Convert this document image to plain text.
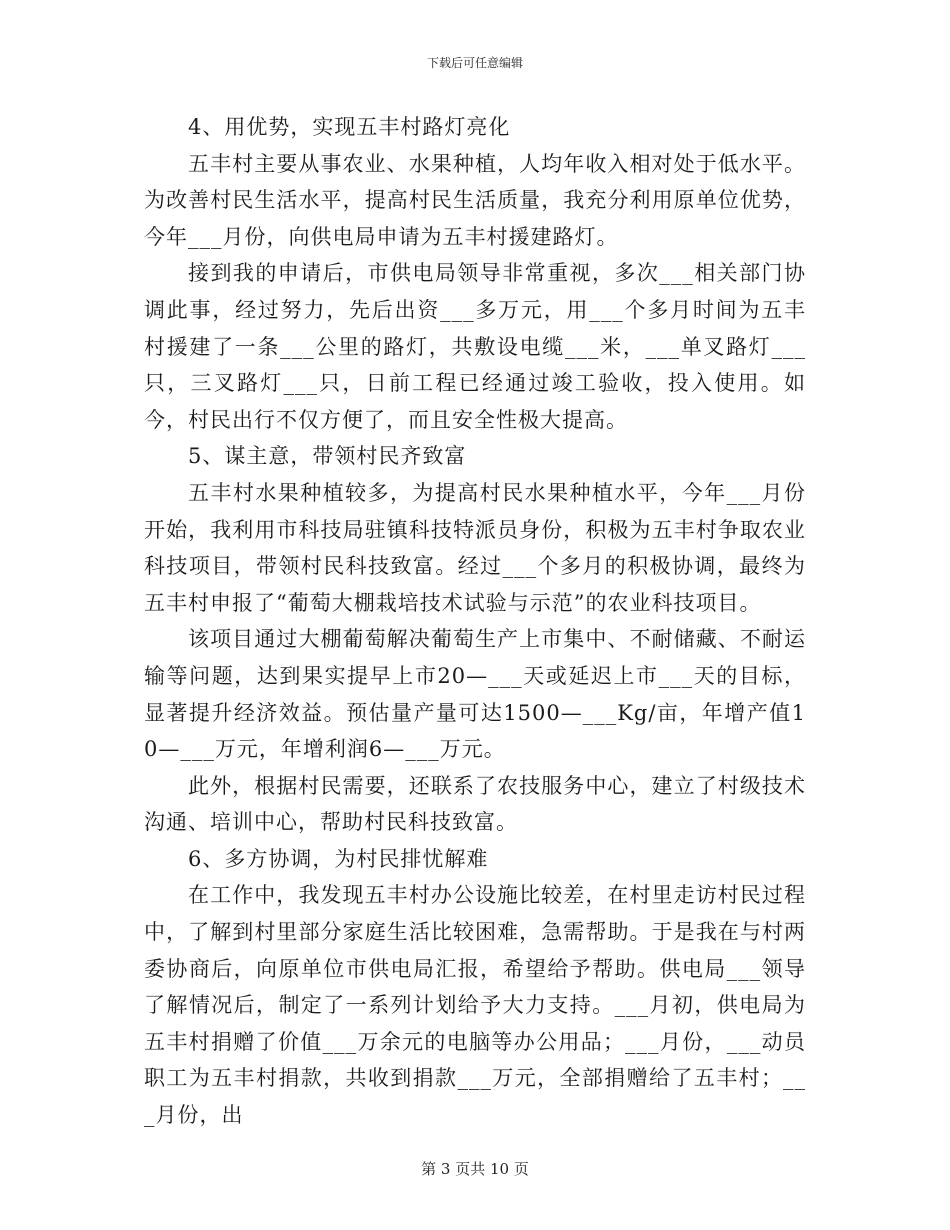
下载后可任意编辑

4、用优势，实现五丰村路灯亮化

五丰村主要从事农业、水果种植，人均年收入相对处于低水平。为改善村民生活水平，提高村民生活质量，我充分利用原单位优势，今年___月份，向供电局申请为五丰村援建路灯。

接到我的申请后，市供电局领导非常重视，多次___相关部门协调此事，经过努力，先后出资___多万元，用___个多月时间为五丰村援建了一条___公里的路灯，共敷设电缆___米，___单叉路灯___只，三叉路灯___只，日前工程已经通过竣工验收，投入使用。如今，村民出行不仅方便了，而且安全性极大提高。

5、谋主意，带领村民齐致富

五丰村水果种植较多，为提高村民水果种植水平，今年___月份开始，我利用市科技局驻镇科技特派员身份，积极为五丰村争取农业科技项目，带领村民科技致富。经过___个多月的积极协调，最终为五丰村申报了“葡萄大棚栽培技术试验与示范”的农业科技项目。

该项目通过大棚葡萄解决葡萄生产上市集中、不耐储藏、不耐运输等问题，达到果实提早上市20—___天或延迟上市___天的目标，显著提升经济效益。预估量产量可达1500—___Kg/亩，年增产值10—___万元，年增利润6—___万元。

此外，根据村民需要，还联系了农技服务中心，建立了村级技术沟通、培训中心，帮助村民科技致富。

6、多方协调，为村民排忧解难

在工作中，我发现五丰村办公设施比较差，在村里走访村民过程中，了解到村里部分家庭生活比较困难，急需帮助。于是我在与村两委协商后，向原单位市供电局汇报，希望给予帮助。供电局___领导了解情况后，制定了一系列计划给予大力支持。___月初，供电局为五丰村捐赠了价值___万余元的电脑等办公用品；___月份，___动员职工为五丰村捐款，共收到捐款___万元，全部捐赠给了五丰村；___月份，出

第 3 页共 10 页
